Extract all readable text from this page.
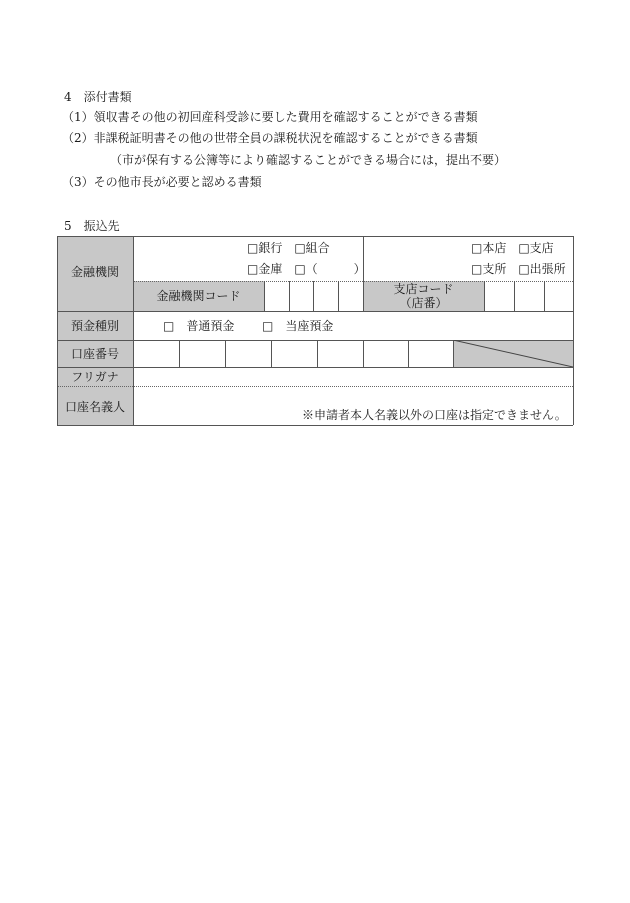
4　添付書類
（1）領収書その他の初回産科受診に要した費用を確認することができる書類
（2）非課税証明書その他の世帯全員の課税状況を確認することができる書類
（市が保有する公簿等により確認することができる場合には，提出不要）
（3）その他市長が必要と認める書類
5　振込先
金融機関
預金種別
口座番号
フリガナ
口座名義人
□銀行　□組合
□金庫　□（　　　）
□本店　□支店
□支所　□出張所
金融機関コード	支店コード
（店番）
□　普通預金 □　当座預金
※申請者本人名義以外の口座は指定できません。
